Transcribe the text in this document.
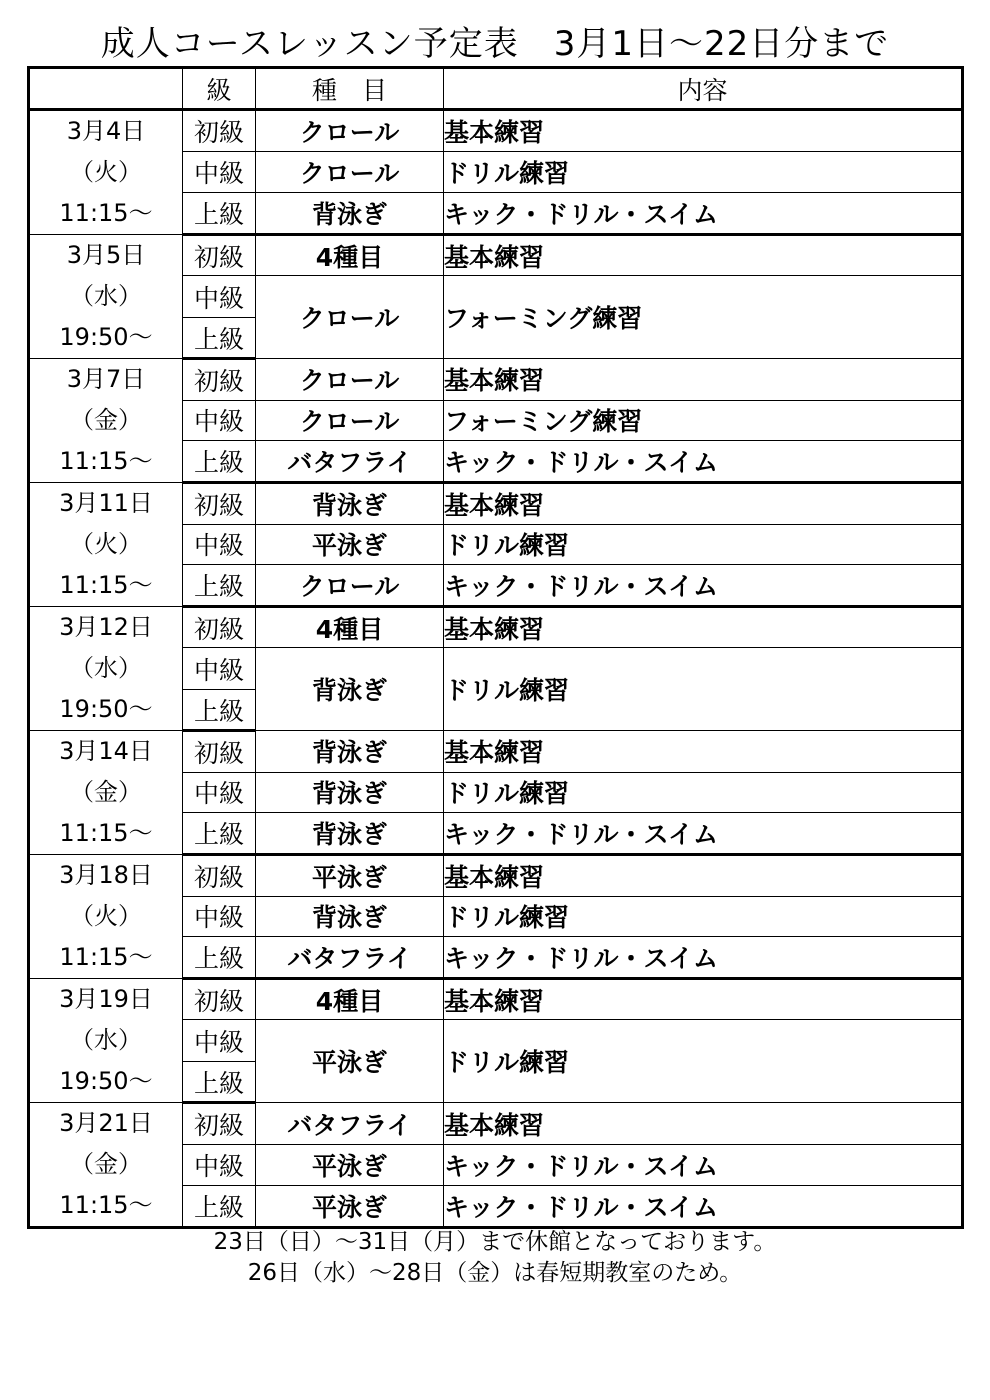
成人コースレッスン予定表　3月1日～22日分まで
	級	種　目	内容

3月4日
（火）
11:15～	初級	クロール	基本練習
	中級	クロール	ドリル練習
	上級	背泳ぎ	キック・ドリル・スイム

3月5日
（水）
19:50～	初級	4種目	基本練習
	中級	クロール	フォーミング練習
	上級		

3月7日
（金）
11:15～	初級	クロール	基本練習
	中級	クロール	フォーミング練習
	上級	バタフライ	キック・ドリル・スイム

3月11日
（火）
11:15～	初級	背泳ぎ	基本練習
	中級	平泳ぎ	ドリル練習
	上級	クロール	キック・ドリル・スイム

3月12日
（水）
19:50～	初級	4種目	基本練習
	中級	背泳ぎ	ドリル練習
	上級		

3月14日
（金）
11:15～	初級	背泳ぎ	基本練習
	中級	背泳ぎ	ドリル練習
	上級	背泳ぎ	キック・ドリル・スイム

3月18日
（火）
11:15～	初級	平泳ぎ	基本練習
	中級	背泳ぎ	ドリル練習
	上級	バタフライ	キック・ドリル・スイム

3月19日
（水）
19:50～	初級	4種目	基本練習
	中級	平泳ぎ	ドリル練習
	上級		

3月21日
（金）
11:15～	初級	バタフライ	基本練習
	中級	平泳ぎ	キック・ドリル・スイム
	上級	平泳ぎ	キック・ドリル・スイム
23日（日）～31日（月）まで休館となっております。
26日（水）～28日（金）は春短期教室のため。
